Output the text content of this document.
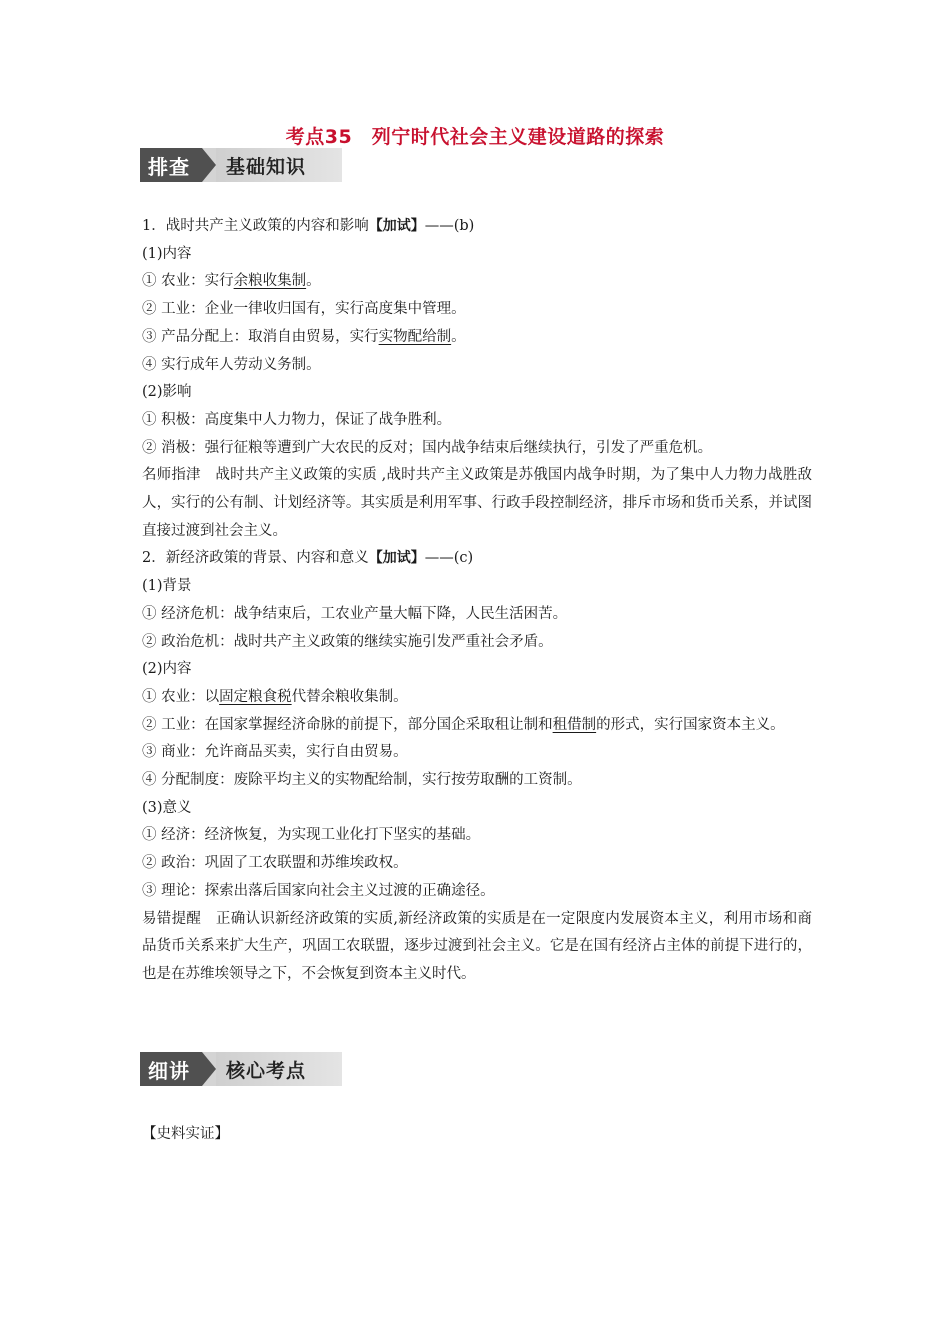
考点35　列宁时代社会主义建设道路的探索
排查	基础知识
1．战时共产主义政策的内容和影响【加试】——(b)
(1)内容
① 农业：实行余粮收集制。
② 工业：企业一律收归国有，实行高度集中管理。
③ 产品分配上：取消自由贸易，实行实物配给制。
④ 实行成年人劳动义务制。
(2)影响
① 积极：高度集中人力物力，保证了战争胜利。
② 消极：强行征粮等遭到广大农民的反对；国内战争结束后继续执行，引发了严重危机。
名师指津　战时共产主义政策的实质 ,战时共产主义政策是苏俄国内战争时期，为了集中人力物力战胜敌人，实行的公有制、计划经济等。其实质是利用军事、行政手段控制经济，排斥市场和货币关系，并试图直接过渡到社会主义。
2．新经济政策的背景、内容和意义【加试】——(c)
(1)背景
① 经济危机：战争结束后，工农业产量大幅下降，人民生活困苦。
② 政治危机：战时共产主义政策的继续实施引发严重社会矛盾。
(2)内容
① 农业：以固定粮食税代替余粮收集制。
② 工业：在国家掌握经济命脉的前提下，部分国企采取租让制和租借制的形式，实行国家资本主义。
③ 商业：允许商品买卖，实行自由贸易。
④ 分配制度：废除平均主义的实物配给制，实行按劳取酬的工资制。
(3)意义
① 经济：经济恢复，为实现工业化打下坚实的基础。
② 政治：巩固了工农联盟和苏维埃政权。
③ 理论：探索出落后国家向社会主义过渡的正确途径。
易错提醒　正确认识新经济政策的实质,新经济政策的实质是在一定限度内发展资本主义，利用市场和商品货币关系来扩大生产，巩固工农联盟，逐步过渡到社会主义。它是在国有经济占主体的前提下进行的，也是在苏维埃领导之下，不会恢复到资本主义时代。
细讲	核心考点
【史料实证】
